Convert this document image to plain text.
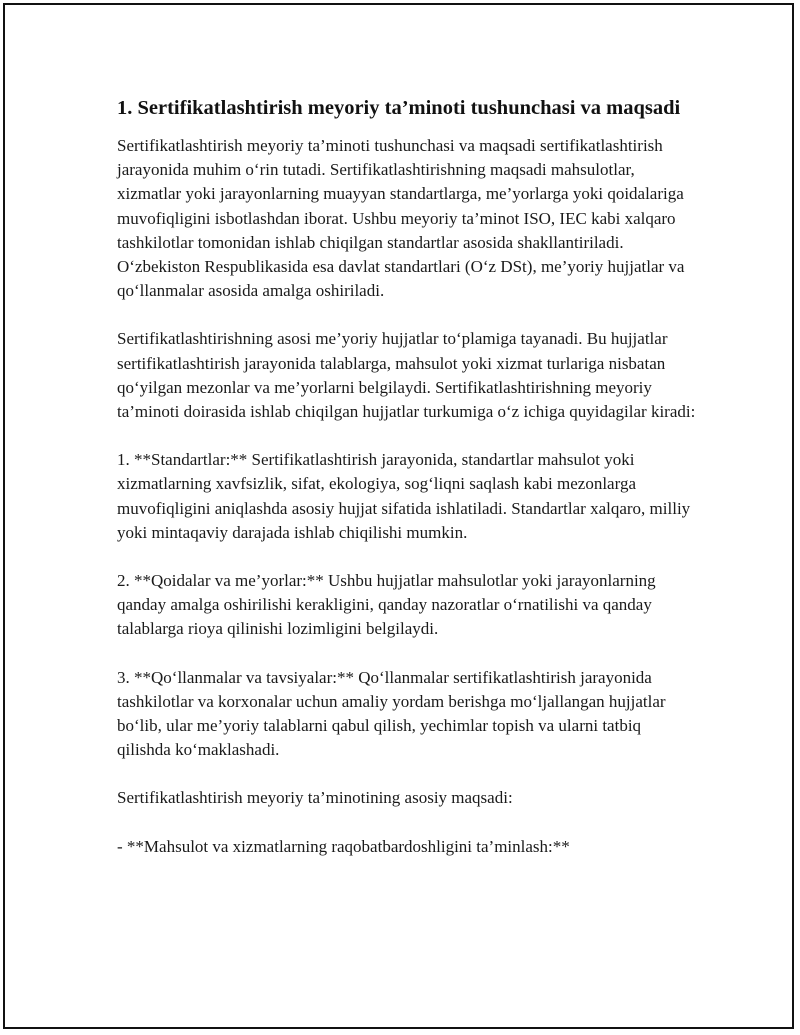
1. Sertifikatlashtirish meyoriy ta’minoti tushunchasi va maqsadi

Sertifikatlashtirish meyoriy ta’minoti tushunchasi va maqsadi sertifikatlashtirish jarayonida muhim o‘rin tutadi. Sertifikatlashtirishning maqsadi mahsulotlar, xizmatlar yoki jarayonlarning muayyan standartlarga, me’yorlarga yoki qoidalariga muvofiqligini isbotlashdan iborat. Ushbu meyoriy ta’minot ISO, IEC kabi xalqaro tashkilotlar tomonidan ishlab chiqilgan standartlar asosida shakllantiriladi. O‘zbekiston Respublikasida esa davlat standartlari (O‘z DSt), me’yoriy hujjatlar va qo‘llanmalar asosida amalga oshiriladi.

Sertifikatlashtirishning asosi me’yoriy hujjatlar to‘plamiga tayanadi. Bu hujjatlar sertifikatlashtirish jarayonida talablarga, mahsulot yoki xizmat turlariga nisbatan qo‘yilgan mezonlar va me’yorlarni belgilaydi. Sertifikatlashtirishning meyoriy ta’minoti doirasida ishlab chiqilgan hujjatlar turkumiga o‘z ichiga quyidagilar kiradi:

1. **Standartlar:** Sertifikatlashtirish jarayonida, standartlar mahsulot yoki xizmatlarning xavfsizlik, sifat, ekologiya, sog‘liqni saqlash kabi mezonlarga muvofiqligini aniqlashda asosiy hujjat sifatida ishlatiladi. Standartlar xalqaro, milliy yoki mintaqaviy darajada ishlab chiqilishi mumkin.

2. **Qoidalar va me’yorlar:** Ushbu hujjatlar mahsulotlar yoki jarayonlarning qanday amalga oshirilishi kerakligini, qanday nazoratlar o‘rnatilishi va qanday talablarga rioya qilinishi lozimligini belgilaydi.

3. **Qo‘llanmalar va tavsiyalar:** Qo‘llanmalar sertifikatlashtirish jarayonida tashkilotlar va korxonalar uchun amaliy yordam berishga mo‘ljallangan hujjatlar bo‘lib, ular me’yoriy talablarni qabul qilish, yechimlar topish va ularni tatbiq qilishda ko‘maklashadi.

Sertifikatlashtirish meyoriy ta’minotining asosiy maqsadi:

- **Mahsulot va xizmatlarning raqobatbardoshligini ta’minlash:**
